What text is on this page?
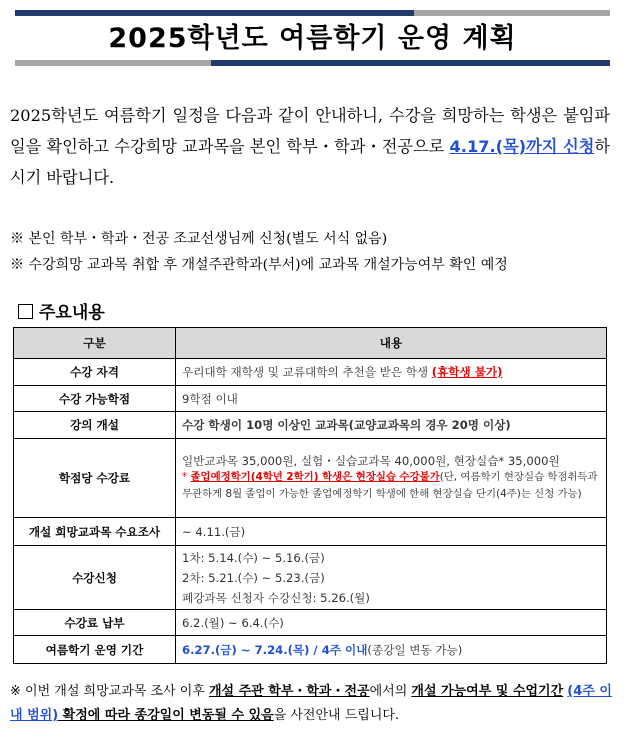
2025학년도 여름학기 운영 계획
2025학년도 여름학기 일정을 다음과 같이 안내하니, 수강을 희망하는 학생은 붙임파일을 확인하고 수강희망 교과목을 본인 학부・학과・전공으로 4.17.(목)까지 신청하시기 바랍니다.
※ 본인 학부・학과・전공 조교선생님께 신청(별도 서식 없음)
※ 수강희망 교과목 취합 후 개설주관학과(부서)에 교과목 개설가능여부 확인 예정
주요내용
구분	내용
수강 자격	우리대학 재학생 및 교류대학의 추천을 받은 학생 (휴학생 불가)
수강 가능학점	9학점 이내
강의 개설	수강 학생이 10명 이상인 교과목(교양교과목의 경우 20명 이상)
학점당 수강료	일반교과목 35,000원, 실험・실습교과목 40,000원, 현장실습* 35,000원
* 졸업예정학기(4학년 2학기) 학생은 현장실습 수강불가(단, 여름학기 현장실습 학점취득과 무관하게 8월 졸업이 가능한 졸업예정학기 학생에 한해 현장실습 단기(4주)는 신청 가능)

개설 희망교과목 수요조사	~ 4.11.(금)
수강신청	1차: 5.14.(수) ~ 5.16.(금)
2차: 5.21.(수) ~ 5.23.(금)
폐강과목 신청자 수강신청: 5.26.(월)

수강료 납부	6.2.(월) ~ 6.4.(수)
여름학기 운영 기간	6.27.(금) ~ 7.24.(목) / 4주 이내(종강일 변동 가능)
※ 이번 개설 희망교과목 조사 이후 개설 주관 학부・학과・전공에서의 개설 가능여부 및 수업기간 (4주 이내 범위) 확정에 따라 종강일이 변동될 수 있음을 사전안내 드립니다.
